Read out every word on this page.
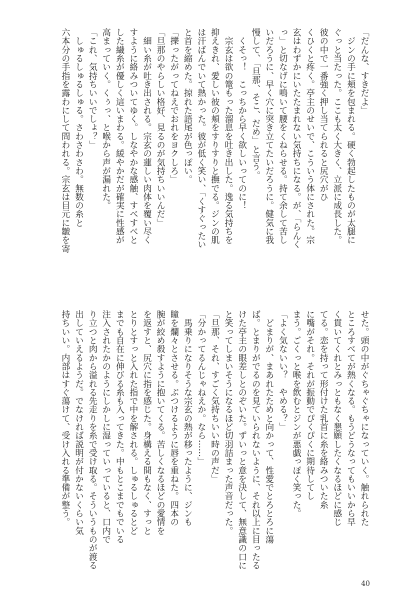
「だんな、すきだよ」
　ジンの手に頬を包まれる。硬く勃起したものが太腿に
ぐっと当たった。ここも太く大きく、立派に成長した。
彼の中で一番強く押し当てられると尻穴がひ
くひくと疼く。亭主のせいで、こういう体にされた。宗
玄はわずかにいたたまれない気持ちになる。が、「らんく
っ」と切なげに鳴いて腰をくねらせる。持て余して苦し
いだろうに、早く穴に突き立てたいだろうに。健気に我
慢して、「旦那、そこ、だめ」と言う。
　くそっ！　こっちから早く欲しいってのに！
　宗玄は欲の篭もった溜息を吐き出した。逸る気持ちを
抑えきれ、愛しい彼の頬をすりすりと撫でる。ジンの肌
は汗ばんでいて熱かった。彼が低く笑い、「くすぐったい
と首を縮めた。掠れた語尾が色っぽい。
「擽ったがってねえでおれをヨクしろ」
「旦那のやらしい格好、見るのが気持ちいいんだ」
　細い糸が吐き出される。宗玄の蓮しい肉体を覆い尽く
すように絡みついてゆく。しなやかな感触、すべすべと
した繊糸が優しく這いまわる。緩やかだが確実に性感が
高まっていく。くぅっ、と喉から声が漏れた。
「これ、気持ちいいでしょ？」
　しゅるしゅるしゅる。さわさわさわ。無数の糸と
六本分の手指を露わにして問われる。宗玄は目元に皺を寄
せた。頭の中がぐちゃぐちゃになっていく。触れられた
ところすべてが熱くなる。もうどうなってもいいから早
く貫いてくれとみっともなく懇願したくなるほどに感じ
てる。恋を持って形付けた乳首に糸を絡みついた糸
に嘴がそれ。それが振動でぴくぴくに期待してし
まう。ごくっと喉を飲むとジンが悪戯っぽく笑った。
「よく気ないい？　やめる？」
　どまりが、まあれたためと向かって、性愛でとろとろに蕩
ば。とまりがでるのを見ていられないように、それ以上に目ったる
けた亭主の眼差しとのぞいた。ずいっと意を決して、無意識の口に
と笑ってしまいそうになるほど切羽詰まった声音だった。
「旦那、それ、すごく気持ちいい時の声だ」
「分かってるんじゃねえか。なら……」
　馬乗りになりそうな宗玄の熱が移ったように、ジンも
瞳を爛々とさせる。ぶつけるように唇を重ねた。四本の
腕が絞め殺すように抱いてくる。苦しくなるほどの愛情を
を返すと、尻穴に指を感じた。身構える間もなく、すっと
とりとすっと入れた指で中を解される。しゅるしゅるとど
までも自在に伸びる糸も入ってきた。中もとこまでもでいる
注入されたかのようにしかしに湿っていっていると、口内で
り立つと肉から溢れる先走りを糸で受け取る。そういうものが渡る
出していえるようだ。でなければ説明が付かないくらい気
持ちいい。内部はすぐ蕩けて、受け入れる準備が整う。
40
